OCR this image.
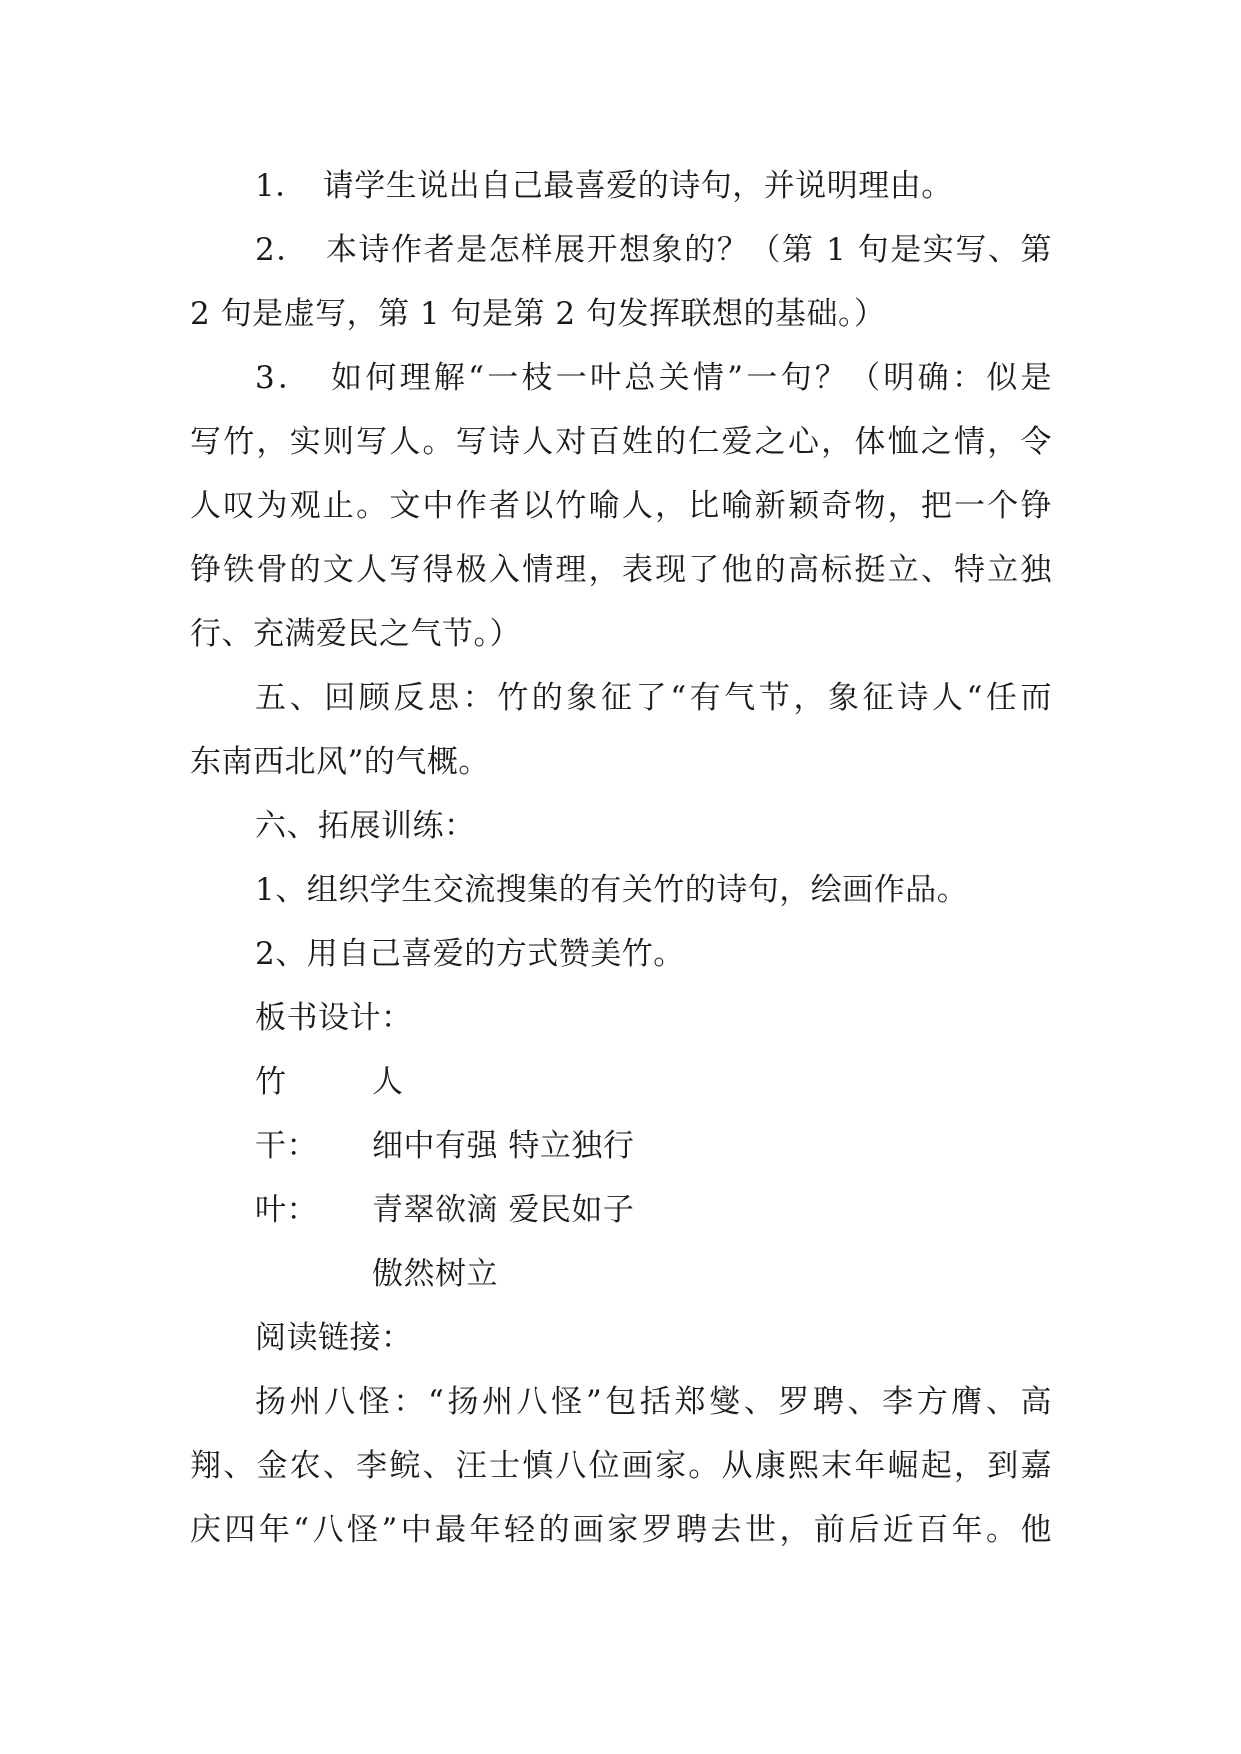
1．　请学生说出自己最喜爱的诗句，并说明理由。
2．　本诗作者是怎样展开想象的？（第 1 句是实写、第
2 句是虚写，第 1 句是第 2 句发挥联想的基础。）
3．　如何理解“一枝一叶总关情”一句？（明确：似是
写竹，实则写人。写诗人对百姓的仁爱之心，体恤之情，令
人叹为观止。文中作者以竹喻人，比喻新颖奇物，把一个铮
铮铁骨的文人写得极入情理，表现了他的高标挺立、特立独
行、充满爱民之气节。）
五、回顾反思：竹的象征了“有气节，象征诗人“任而
东南西北风”的气概。
六、拓展训练：
1、组织学生交流搜集的有关竹的诗句，绘画作品。
2、用自己喜爱的方式赞美竹。
板书设计：
竹	人
干： 细中有强 特立独行
叶： 青翠欲滴 爱民如子
傲然树立
阅读链接：
扬州八怪：“扬州八怪”包括郑燮、罗聘、李方膺、高
翔、金农、李鲩、汪士慎八位画家。从康熙末年崛起，到嘉
庆四年“八怪”中最年轻的画家罗聘去世，前后近百年。他
